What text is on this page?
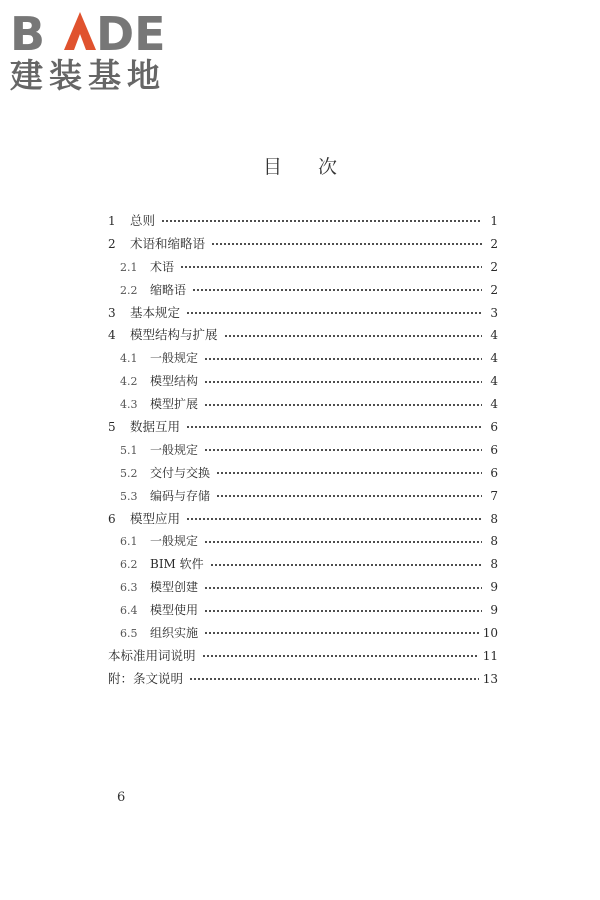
B DE
建装基地
目次
1	总则	1
2	术语和缩略语	2
2.1	术语	2
2.2	缩略语	2
3	基本规定	3
4	模型结构与扩展	4
4.1	一般规定	4
4.2	模型结构	4
4.3	模型扩展	4
5	数据互用	6
5.1	一般规定	6
5.2	交付与交换	6
5.3	编码与存储	7
6	模型应用	8
6.1	一般规定	8
6.2	BIM 软件	8
6.3	模型创建	9
6.4	模型使用	9
6.5	组织实施	10
本标准用词说明	11
附：条文说明	13
6
